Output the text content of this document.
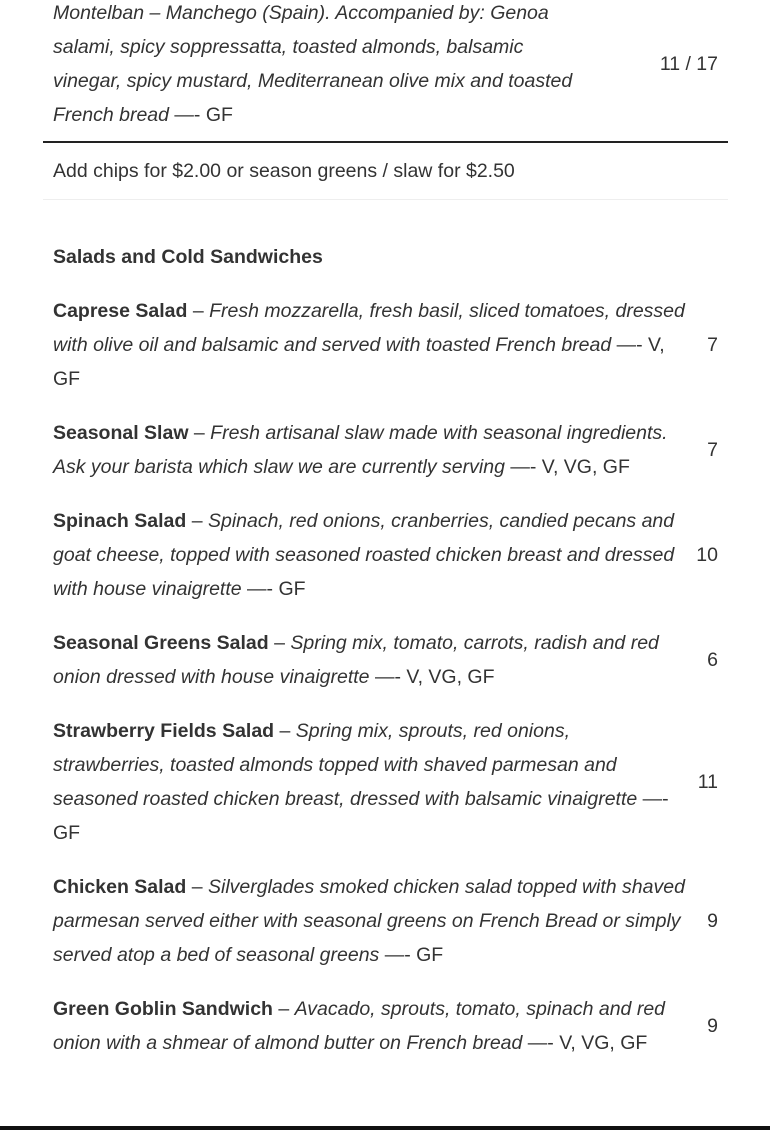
Montelban – Manchego (Spain). Accompanied by: Genoa salami, spicy soppressatta, toasted almonds, balsamic vinegar, spicy mustard, Mediterranean olive mix and toasted French bread —- GF
11 / 17
Add chips for $2.00 or season greens / slaw for $2.50
Salads and Cold Sandwiches
Caprese Salad – Fresh mozzarella, fresh basil, sliced tomatoes, dressed with olive oil and balsamic and served with toasted French bread —- V, GF
7
Seasonal Slaw – Fresh artisanal slaw made with seasonal ingredients. Ask your barista which slaw we are currently serving —- V, VG, GF
7
Spinach Salad – Spinach, red onions, cranberries, candied pecans and goat cheese, topped with seasoned roasted chicken breast and dressed with house vinaigrette —- GF
10
Seasonal Greens Salad – Spring mix, tomato, carrots, radish and red onion dressed with house vinaigrette —- V, VG, GF
6
Strawberry Fields Salad – Spring mix, sprouts, red onions, strawberries, toasted almonds topped with shaved parmesan and seasoned roasted chicken breast, dressed with balsamic vinaigrette —- GF
11
Chicken Salad – Silverglades smoked chicken salad topped with shaved parmesan served either with seasonal greens on French Bread or simply served atop a bed of seasonal greens —- GF
9
Green Goblin Sandwich – Avacado, sprouts, tomato, spinach and red onion with a shmear of almond butter on French bread —- V, VG, GF
9
